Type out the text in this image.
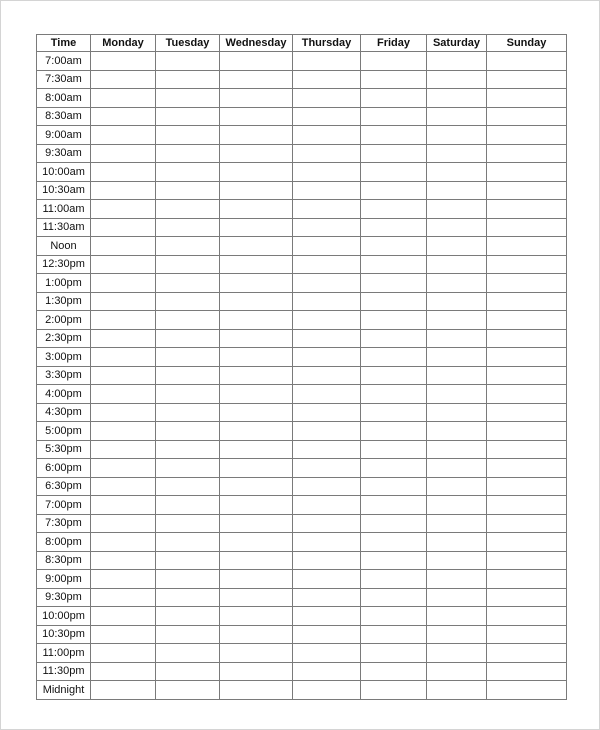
Time	Monday	Tuesday	Wednesday	Thursday	Friday	Saturday	Sunday
7:00am							
7:30am							
8:00am							
8:30am							
9:00am							
9:30am							
10:00am							
10:30am							
11:00am							
11:30am							
Noon							
12:30pm							
1:00pm							
1:30pm							
2:00pm							
2:30pm							
3:00pm							
3:30pm							
4:00pm							
4:30pm							
5:00pm							
5:30pm							
6:00pm							
6:30pm							
7:00pm							
7:30pm							
8:00pm							
8:30pm							
9:00pm							
9:30pm							
10:00pm							
10:30pm							
11:00pm							
11:30pm							
Midnight							
